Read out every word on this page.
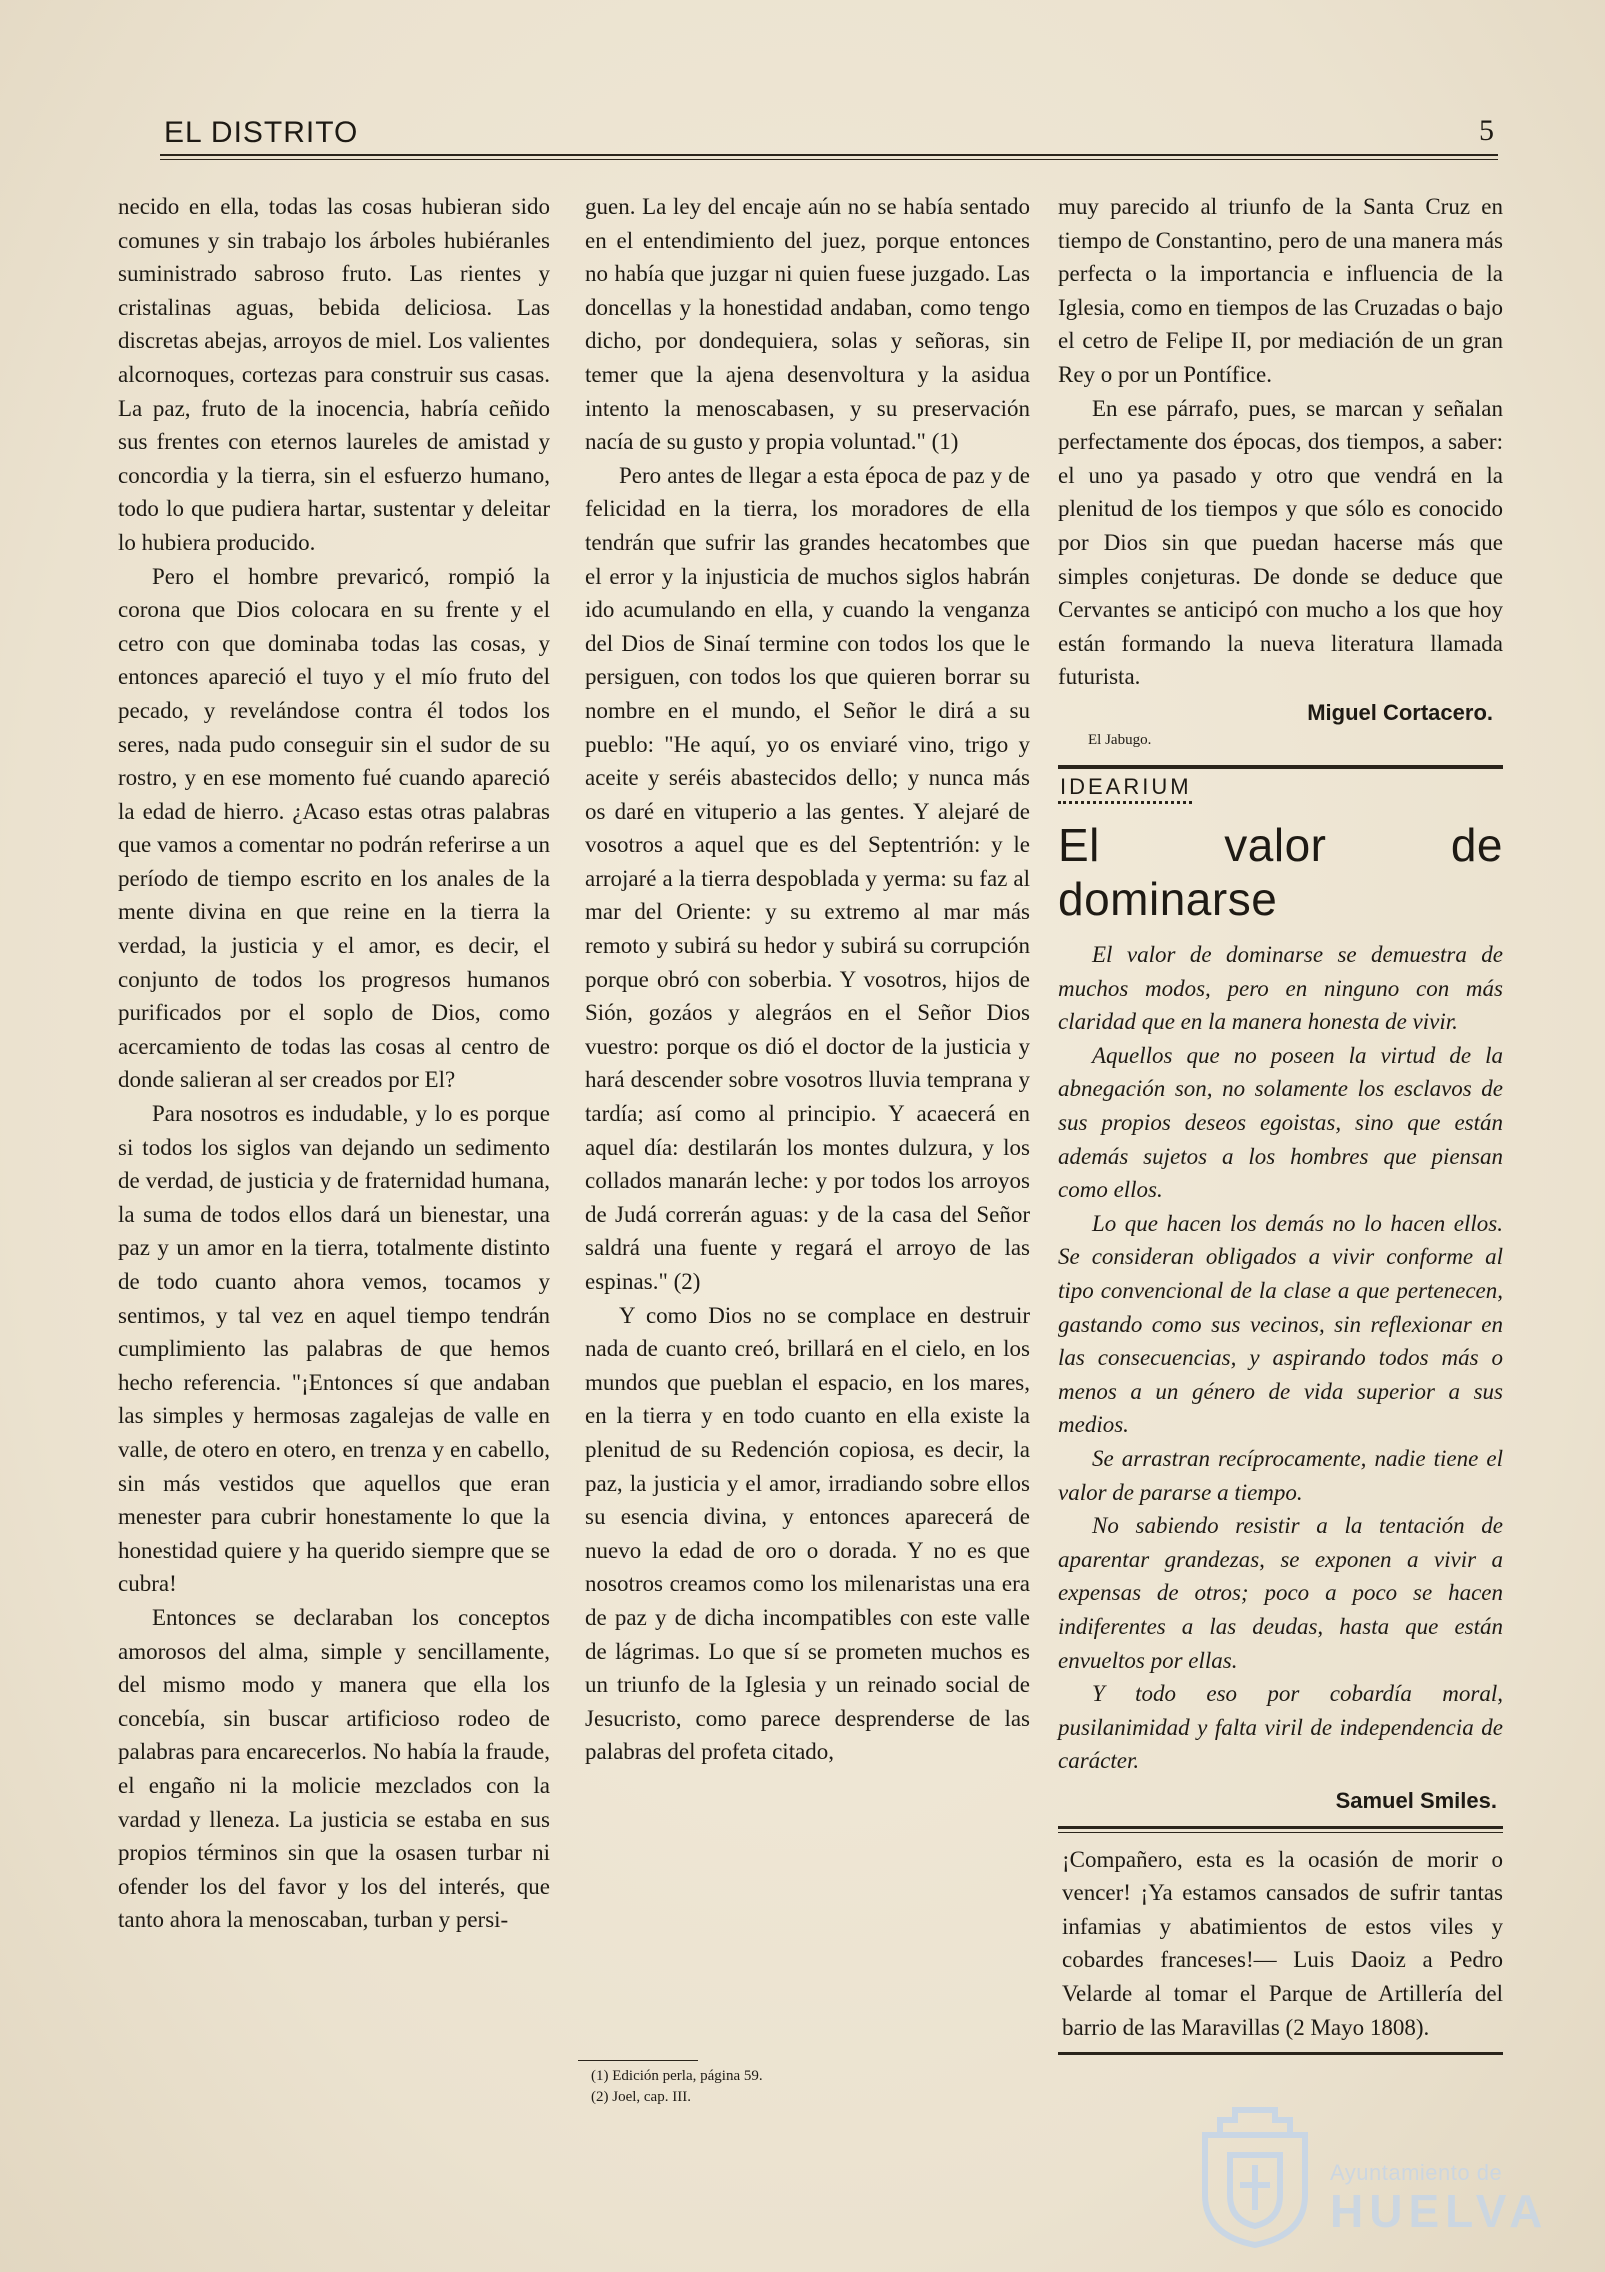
EL DISTRITO	5

necido en ella, todas las cosas hubieran sido comunes y sin trabajo los árboles hubiéranles suministrado sabroso fruto. Las rientes y cristalinas aguas, bebida deliciosa. Las discretas abejas, arroyos de miel. Los valientes alcornoques, cortezas para construir sus casas. La paz, fruto de la inocencia, habría ceñido sus frentes con eternos laureles de amistad y concordia y la tierra, sin el esfuerzo humano, todo lo que pudiera hartar, sustentar y deleitar lo hubiera producido.

Pero el hombre prevaricó, rompió la corona que Dios colocara en su frente y el cetro con que dominaba todas las cosas, y entonces apareció el tuyo y el mío fruto del pecado, y revelándose contra él todos los seres, nada pudo conseguir sin el sudor de su rostro, y en ese momento fué cuando apareció la edad de hierro. ¿Acaso estas otras palabras que vamos a comentar no podrán referirse a un período de tiempo escrito en los anales de la mente divina en que reine en la tierra la verdad, la justicia y el amor, es decir, el conjunto de todos los progresos humanos purificados por el soplo de Dios, como acercamiento de todas las cosas al centro de donde salieran al ser creados por El?

Para nosotros es indudable, y lo es porque si todos los siglos van dejando un sedimento de verdad, de justicia y de fraternidad humana, la suma de todos ellos dará un bienestar, una paz y un amor en la tierra, totalmente distinto de todo cuanto ahora vemos, tocamos y sentimos, y tal vez en aquel tiempo tendrán cumplimiento las palabras de que hemos hecho referencia. "¡Entonces sí que andaban las simples y hermosas zagalejas de valle en valle, de otero en otero, en trenza y en cabello, sin más vestidos que aquellos que eran menester para cubrir honestamente lo que la honestidad quiere y ha querido siempre que se cubra!

Entonces se declaraban los conceptos amorosos del alma, simple y sencillamente, del mismo modo y manera que ella los concebía, sin buscar artificioso rodeo de palabras para encarecerlos. No había la fraude, el engaño ni la molicie mezclados con la vardad y lleneza. La justicia se estaba en sus propios términos sin que la osasen turbar ni ofender los del favor y los del interés, que tanto ahora la menoscaban, turban y persi-

guen. La ley del encaje aún no se había sentado en el entendimiento del juez, porque entonces no había que juzgar ni quien fuese juzgado. Las doncellas y la honestidad andaban, como tengo dicho, por dondequiera, solas y señoras, sin temer que la ajena desenvoltura y la asidua intento la menoscabasen, y su preservación nacía de su gusto y propia voluntad." (1)

Pero antes de llegar a esta época de paz y de felicidad en la tierra, los moradores de ella tendrán que sufrir las grandes hecatombes que el error y la injusticia de muchos siglos habrán ido acumulando en ella, y cuando la venganza del Dios de Sinaí termine con todos los que le persiguen, con todos los que quieren borrar su nombre en el mundo, el Señor le dirá a su pueblo: "He aquí, yo os enviaré vino, trigo y aceite y seréis abastecidos dello; y nunca más os daré en vituperio a las gentes. Y alejaré de vosotros a aquel que es del Septentrión: y le arrojaré a la tierra despoblada y yerma: su faz al mar del Oriente: y su extremo al mar más remoto y subirá su hedor y subirá su corrupción porque obró con soberbia. Y vosotros, hijos de Sión, gozáos y alegráos en el Señor Dios vuestro: porque os dió el doctor de la justicia y hará descender sobre vosotros lluvia temprana y tardía; así como al principio. Y acaecerá en aquel día: destilarán los montes dulzura, y los collados manarán leche: y por todos los arroyos de Judá correrán aguas: y de la casa del Señor saldrá una fuente y regará el arroyo de las espinas." (2)

Y como Dios no se complace en destruir nada de cuanto creó, brillará en el cielo, en los mundos que pueblan el espacio, en los mares, en la tierra y en todo cuanto en ella existe la plenitud de su Redención copiosa, es decir, la paz, la justicia y el amor, irradiando sobre ellos su esencia divina, y entonces aparecerá de nuevo la edad de oro o dorada. Y no es que nosotros creamos como los milenaristas una era de paz y de dicha incompatibles con este valle de lágrimas. Lo que sí se prometen muchos es un triunfo de la Iglesia y un reinado social de Jesucristo, como parece desprenderse de las palabras del profeta citado,

(1) Edición perla, página 59.
(2) Joel, cap. III.

muy parecido al triunfo de la Santa Cruz en tiempo de Constantino, pero de una manera más perfecta o la importancia e influencia de la Iglesia, como en tiempos de las Cruzadas o bajo el cetro de Felipe II, por mediación de un gran Rey o por un Pontífice.

En ese párrafo, pues, se marcan y señalan perfectamente dos épocas, dos tiempos, a saber: el uno ya pasado y otro que vendrá en la plenitud de los tiempos y que sólo es conocido por Dios sin que puedan hacerse más que simples conjeturas. De donde se deduce que Cervantes se anticipó con mucho a los que hoy están formando la nueva literatura llamada futurista.

Miguel Cortacero.
El Jabugo.
IDEARIUM
El valor de dominarse

El valor de dominarse se demuestra de muchos modos, pero en ninguno con más claridad que en la manera honesta de vivir.

Aquellos que no poseen la virtud de la abnegación son, no solamente los esclavos de sus propios deseos egoistas, sino que están además sujetos a los hombres que piensan como ellos.

Lo que hacen los demás no lo hacen ellos. Se consideran obligados a vivir conforme al tipo convencional de la clase a que pertenecen, gastando como sus vecinos, sin reflexionar en las consecuencias, y aspirando todos más o menos a un género de vida superior a sus medios.

Se arrastran recíprocamente, nadie tiene el valor de pararse a tiempo.

No sabiendo resistir a la tentación de aparentar grandezas, se exponen a vivir a expensas de otros; poco a poco se hacen indiferentes a las deudas, hasta que están envueltos por ellas.

Y todo eso por cobardía moral, pusilanimidad y falta viril de independencia de carácter.

Samuel Smiles.

¡Compañero, esta es la ocasión de morir o vencer! ¡Ya estamos cansados de sufrir tantas infamias y abatimientos de estos viles y cobardes franceses!— Luis Daoiz a Pedro Velarde al tomar el Parque de Artillería del barrio de las Maravillas (2 Mayo 1808).

Ayuntamiento de
HUELVA
